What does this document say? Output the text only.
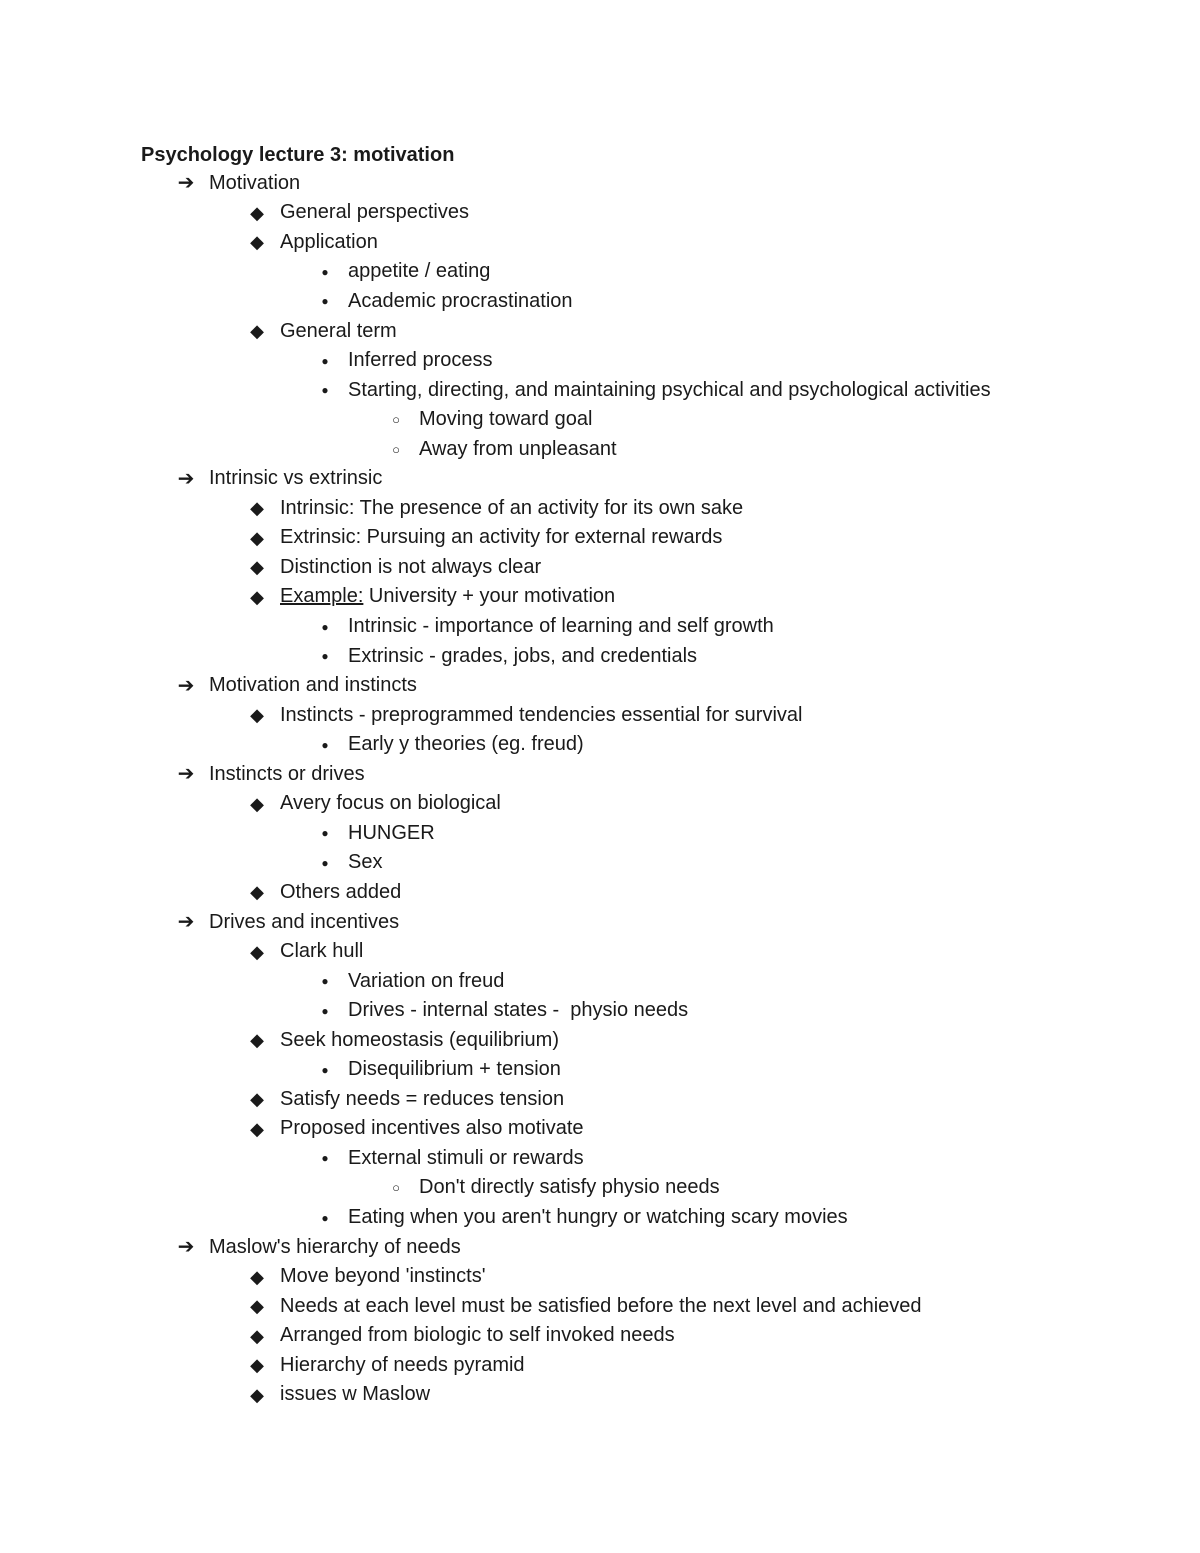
Psychology lecture 3: motivation
➔ Motivation
◆ General perspectives
◆ Application
● appetite / eating
● Academic procrastination
◆ General term
● Inferred process
● Starting, directing, and maintaining psychical and psychological activities
○ Moving toward goal
○ Away from unpleasant
➔ Intrinsic vs extrinsic
◆ Intrinsic: The presence of an activity for its own sake
◆ Extrinsic: Pursuing an activity for external rewards
◆ Distinction is not always clear
◆ Example: University + your motivation
● Intrinsic - importance of learning and self growth
● Extrinsic - grades, jobs, and credentials
➔ Motivation and instincts
◆ Instincts - preprogrammed tendencies essential for survival
● Early y theories (eg. freud)
➔ Instincts or drives
◆ Avery focus on biological
● HUNGER
● Sex
◆ Others added
➔ Drives and incentives
◆ Clark hull
● Variation on freud
● Drives - internal states -  physio needs
◆ Seek homeostasis (equilibrium)
● Disequilibrium + tension
◆ Satisfy needs = reduces tension
◆ Proposed incentives also motivate
● External stimuli or rewards
○ Don't directly satisfy physio needs
● Eating when you aren't hungry or watching scary movies
➔ Maslow's hierarchy of needs
◆ Move beyond 'instincts'
◆ Needs at each level must be satisfied before the next level and achieved
◆ Arranged from biologic to self invoked needs
◆ Hierarchy of needs pyramid
◆ issues w Maslow
